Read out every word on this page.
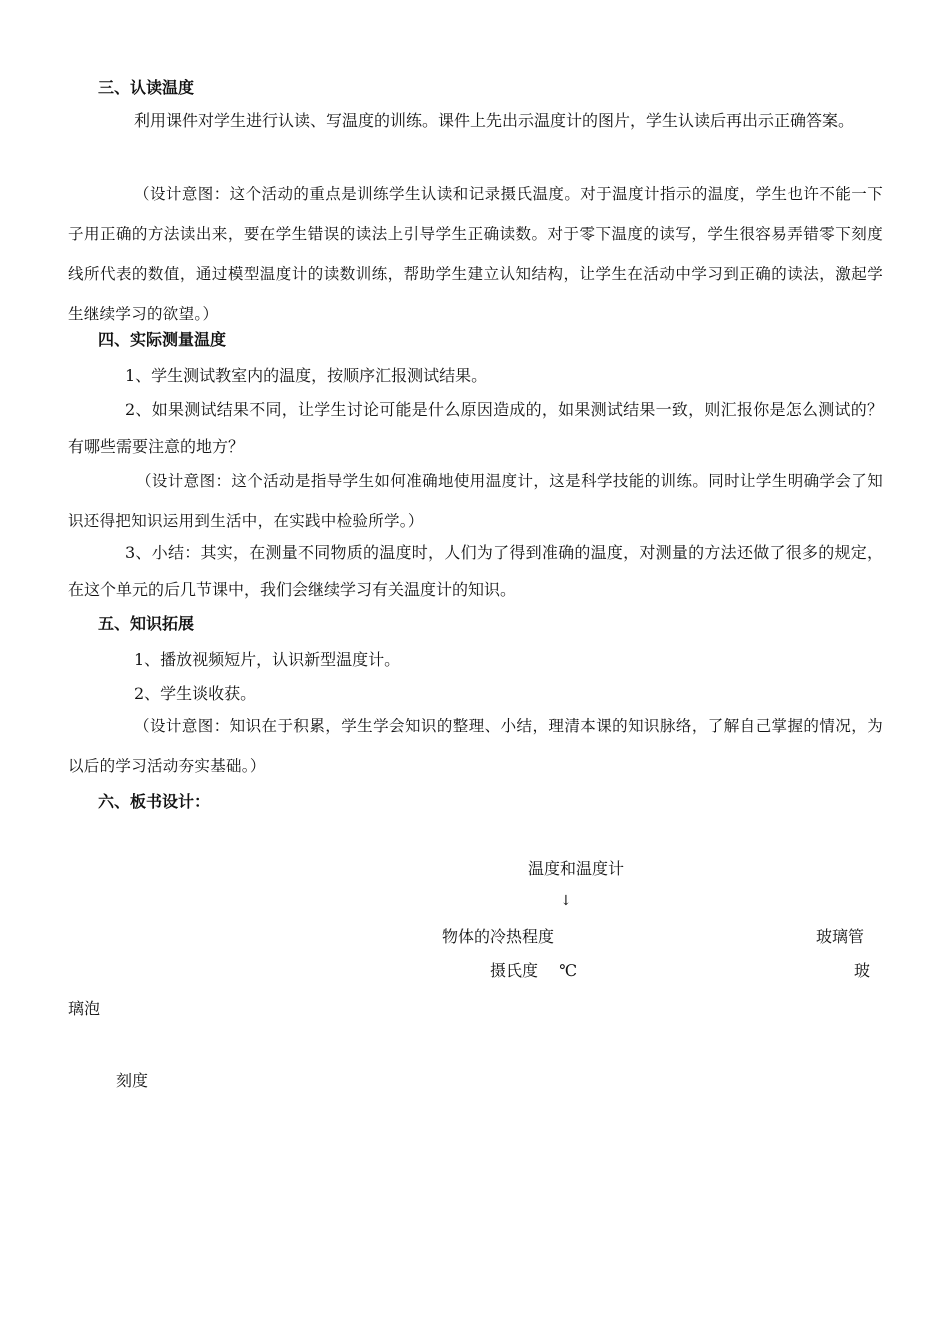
三、认读温度
利用课件对学生进行认读、写温度的训练。课件上先出示温度计的图片，学生认读后再出示正确答案。
（设计意图：这个活动的重点是训练学生认读和记录摄氏温度。对于温度计指示的温度，学生也许不能一下子用正确的方法读出来，要在学生错误的读法上引导学生正确读数。对于零下温度的读写，学生很容易弄错零下刻度线所代表的数值，通过模型温度计的读数训练，帮助学生建立认知结构，让学生在活动中学习到正确的读法，激起学生继续学习的欲望。）
四、实际测量温度
1、学生测试教室内的温度，按顺序汇报测试结果。
2、如果测试结果不同，让学生讨论可能是什么原因造成的，如果测试结果一致，则汇报你是怎么测试的？有哪些需要注意的地方？
（设计意图：这个活动是指导学生如何准确地使用温度计，这是科学技能的训练。同时让学生明确学会了知识还得把知识运用到生活中，在实践中检验所学。）
3、小结：其实，在测量不同物质的温度时，人们为了得到准确的温度，对测量的方法还做了很多的规定，在这个单元的后几节课中，我们会继续学习有关温度计的知识。
五、知识拓展
1、播放视频短片，认识新型温度计。
2、学生谈收获。
（设计意图：知识在于积累，学生学会知识的整理、小结，理清本课的知识脉络，了解自己掌握的情况，为以后的学习活动夯实基础。）
六、板书设计：
温度和温度计
↓
物体的冷热程度	玻璃管
摄氏度　 ℃	玻
璃泡
刻度
